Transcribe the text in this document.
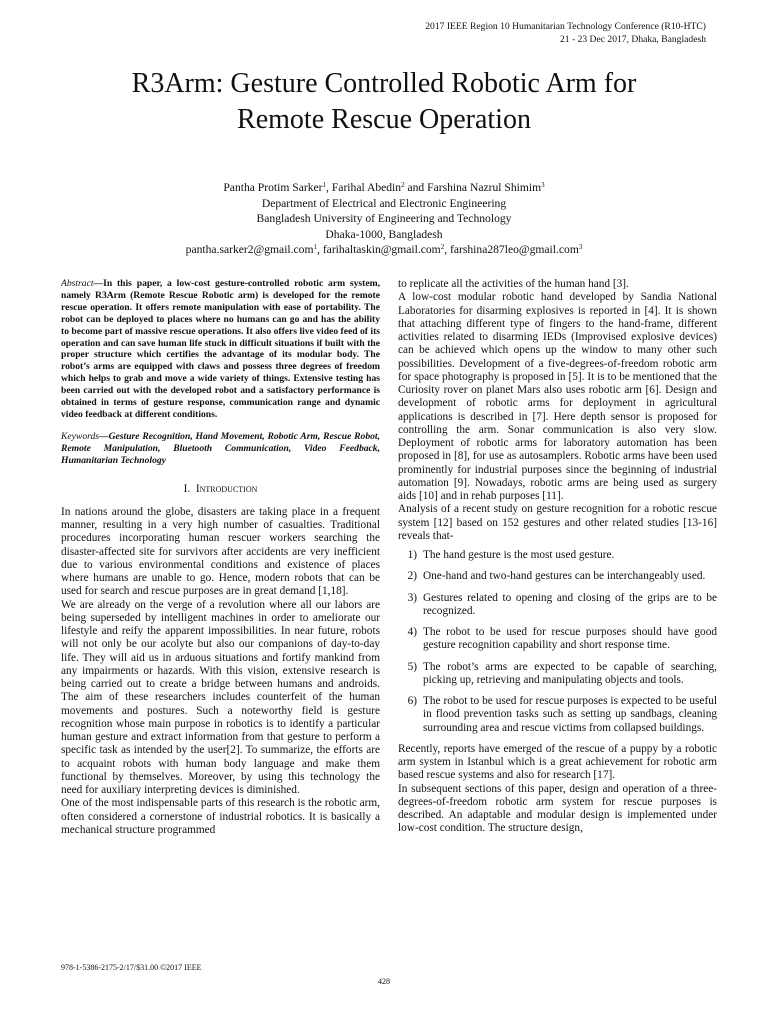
2017 IEEE Region 10 Humanitarian Technology Conference (R10-HTC)
21 - 23 Dec 2017, Dhaka, Bangladesh
R3Arm: Gesture Controlled Robotic Arm for
Remote Rescue Operation
Pantha Protim Sarker$^1$, Farihal Abedin$^2$ and Farshina Nazrul Shimim$^3$
Department of Electrical and Electronic Engineering
Bangladesh University of Engineering and Technology
Dhaka-1000, Bangladesh
pantha.sarker2@gmail.com$^1$, farihaltaskin@gmail.com$^2$, farshina287leo@gmail.com$^3$

Abstract—In this paper, a low-cost gesture-controlled robotic arm system, namely R3Arm (Remote Rescue Robotic arm) is developed for the remote rescue operation. It offers remote manipulation with ease of portability. The robot can be deployed to places where no humans can go and has the ability to become part of massive rescue operations. It also offers live video feed of its operation and can save human life stuck in difficult situations if built with the proper structure which certifies the advantage of its modular body. The robot’s arms are equipped with claws and possess three degrees of freedom which helps to grab and move a wide variety of things. Extensive testing has been carried out with the developed robot and a satisfactory performance is obtained in terms of gesture response, communication range and dynamic video feedback at different conditions.

Keywords—Gesture Recognition, Hand Movement, Robotic Arm, Rescue Robot, Remote Manipulation, Bluetooth Communication, Video Feedback, Humanitarian Technology

I. Introduction

In nations around the globe, disasters are taking place in a frequent manner, resulting in a very high number of casualties. Traditional procedures incorporating human rescuer workers searching the disaster-affected site for survivors after accidents are very inefficient due to various environmental conditions and existence of places where humans are unable to go. Hence, modern robots that can be used for search and rescue purposes are in great demand [1,18].

We are already on the verge of a revolution where all our labors are being superseded by intelligent machines in order to ameliorate our lifestyle and reify the apparent impossibilities. In near future, robots will not only be our acolyte but also our companions of day-to-day life. They will aid us in arduous situations and fortify mankind from any impairments or hazards. With this vision, extensive research is being carried out to create a bridge between humans and androids. The aim of these researchers includes counterfeit of the human movements and postures. Such a noteworthy field is gesture recognition whose main purpose in robotics is to identify a particular human gesture and extract information from that gesture to perform a specific task as intended by the user[2]. To summarize, the efforts are to acquaint robots with human body language and make them functional by themselves. Moreover, by using this technology the need for auxiliary interpreting devices is diminished.

One of the most indispensable parts of this research is the robotic arm, often considered a cornerstone of industrial robotics. It is basically a mechanical structure programmed

to replicate all the activities of the human hand [3].

A low-cost modular robotic hand developed by Sandia National Laboratories for disarming explosives is reported in [4]. It is shown that attaching different type of fingers to the hand-frame, different activities related to disarming IEDs (Improvised explosive devices) can be achieved which opens up the window to many other such possibilities. Development of a five-degrees-of-freedom robotic arm for space photography is proposed in [5]. It is to be mentioned that the Curiosity rover on planet Mars also uses robotic arm [6]. Design and development of robotic arms for deployment in agricultural applications is described in [7]. Here depth sensor is proposed for controlling the arm. Sonar communication is also very slow. Deployment of robotic arms for laboratory automation has been proposed in [8], for use as autosamplers. Robotic arms have been used prominently for industrial purposes since the beginning of industrial automation [9]. Nowadays, robotic arms are being used as surgery aids [10] and in rehab purposes [11].

Analysis of a recent study on gesture recognition for a robotic rescue system [12] based on 152 gestures and other related studies [13-16] reveals that-

1) The hand gesture is the most used gesture.
2) One-hand and two-hand gestures can be interchangeably used.
3) Gestures related to opening and closing of the grips are to be recognized.
4) The robot to be used for rescue purposes should have good gesture recognition capability and short response time.
5) The robot’s arms are expected to be capable of searching, picking up, retrieving and manipulating objects and tools.
6) The robot to be used for rescue purposes is expected to be useful in flood prevention tasks such as setting up sandbags, cleaning surrounding area and rescue victims from collapsed buildings.

Recently, reports have emerged of the rescue of a puppy by a robotic arm system in Istanbul which is a great achievement for robotic arm based rescue systems and also for research [17].

In subsequent sections of this paper, design and operation of a three-degrees-of-freedom robotic arm system for rescue purposes is described. An adaptable and modular design is implemented under low-cost condition. The structure design,

978-1-5386-2175-2/17/$31.00 ©2017 IEEE
428
